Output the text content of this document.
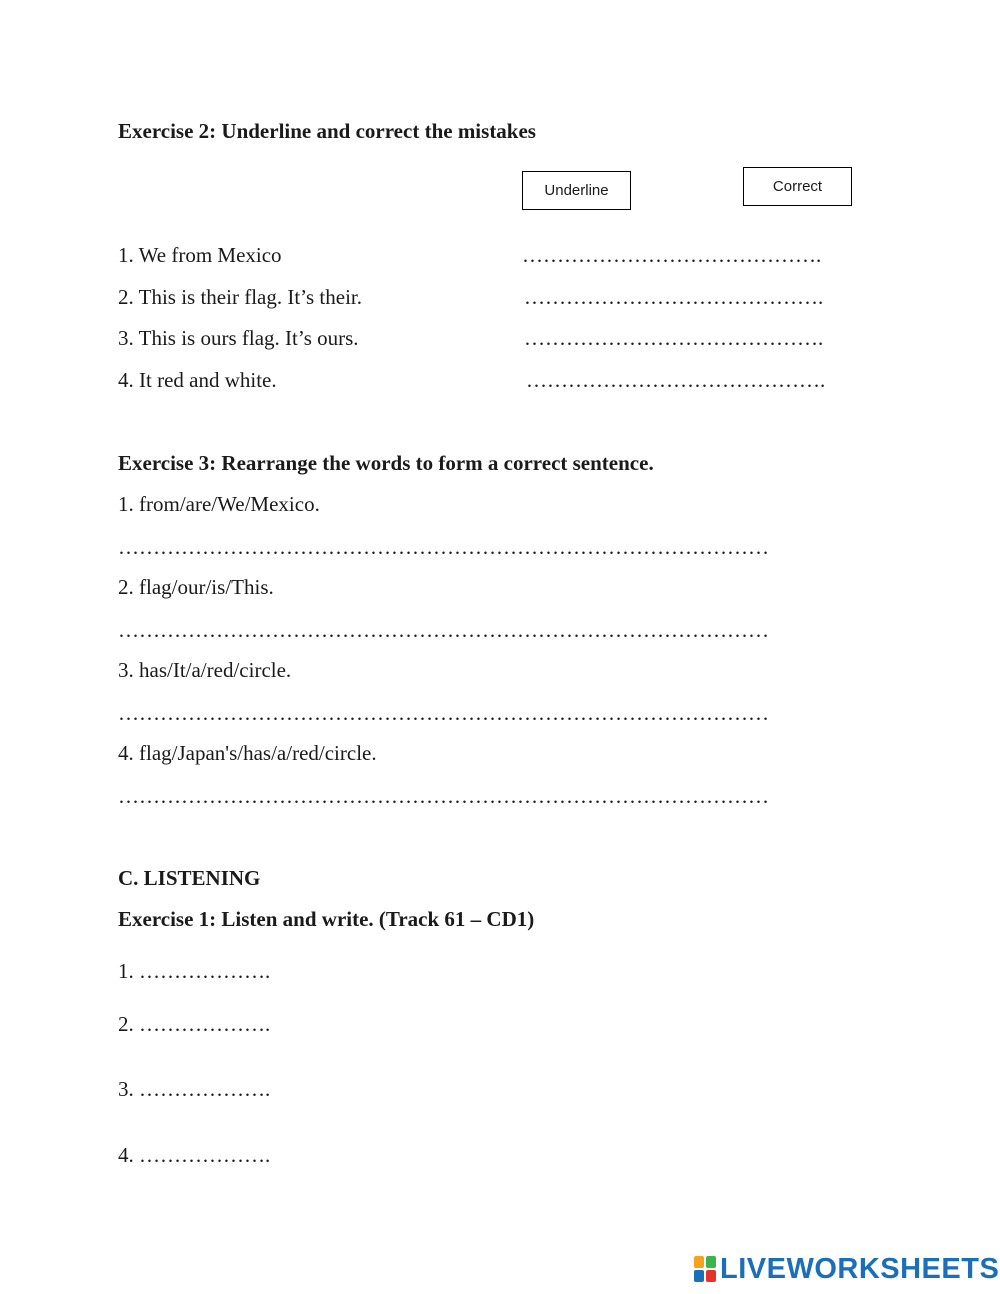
Exercise 2: Underline and correct the mistakes
Underline	Correct
1. We from Mexico	…………………………………….
2. This is their flag. It’s their.	…………………………………….
3. This is ours flag. It’s ours.	…………………………………….
4. It red and white.	…………………………………….
Exercise 3: Rearrange the words to form a correct sentence.
1. from/are/We/Mexico.
…………………………………………………………………………………
2. flag/our/is/This.
…………………………………………………………………………………
3. has/It/a/red/circle.
…………………………………………………………………………………
4. flag/Japan's/has/a/red/circle.
…………………………………………………………………………………
C. LISTENING
Exercise 1: Listen and write. (Track 61 – CD1)
1. ……………….
2. ……………….
3. ……………….
4. ……………….
LIVEWORKSHEETS
